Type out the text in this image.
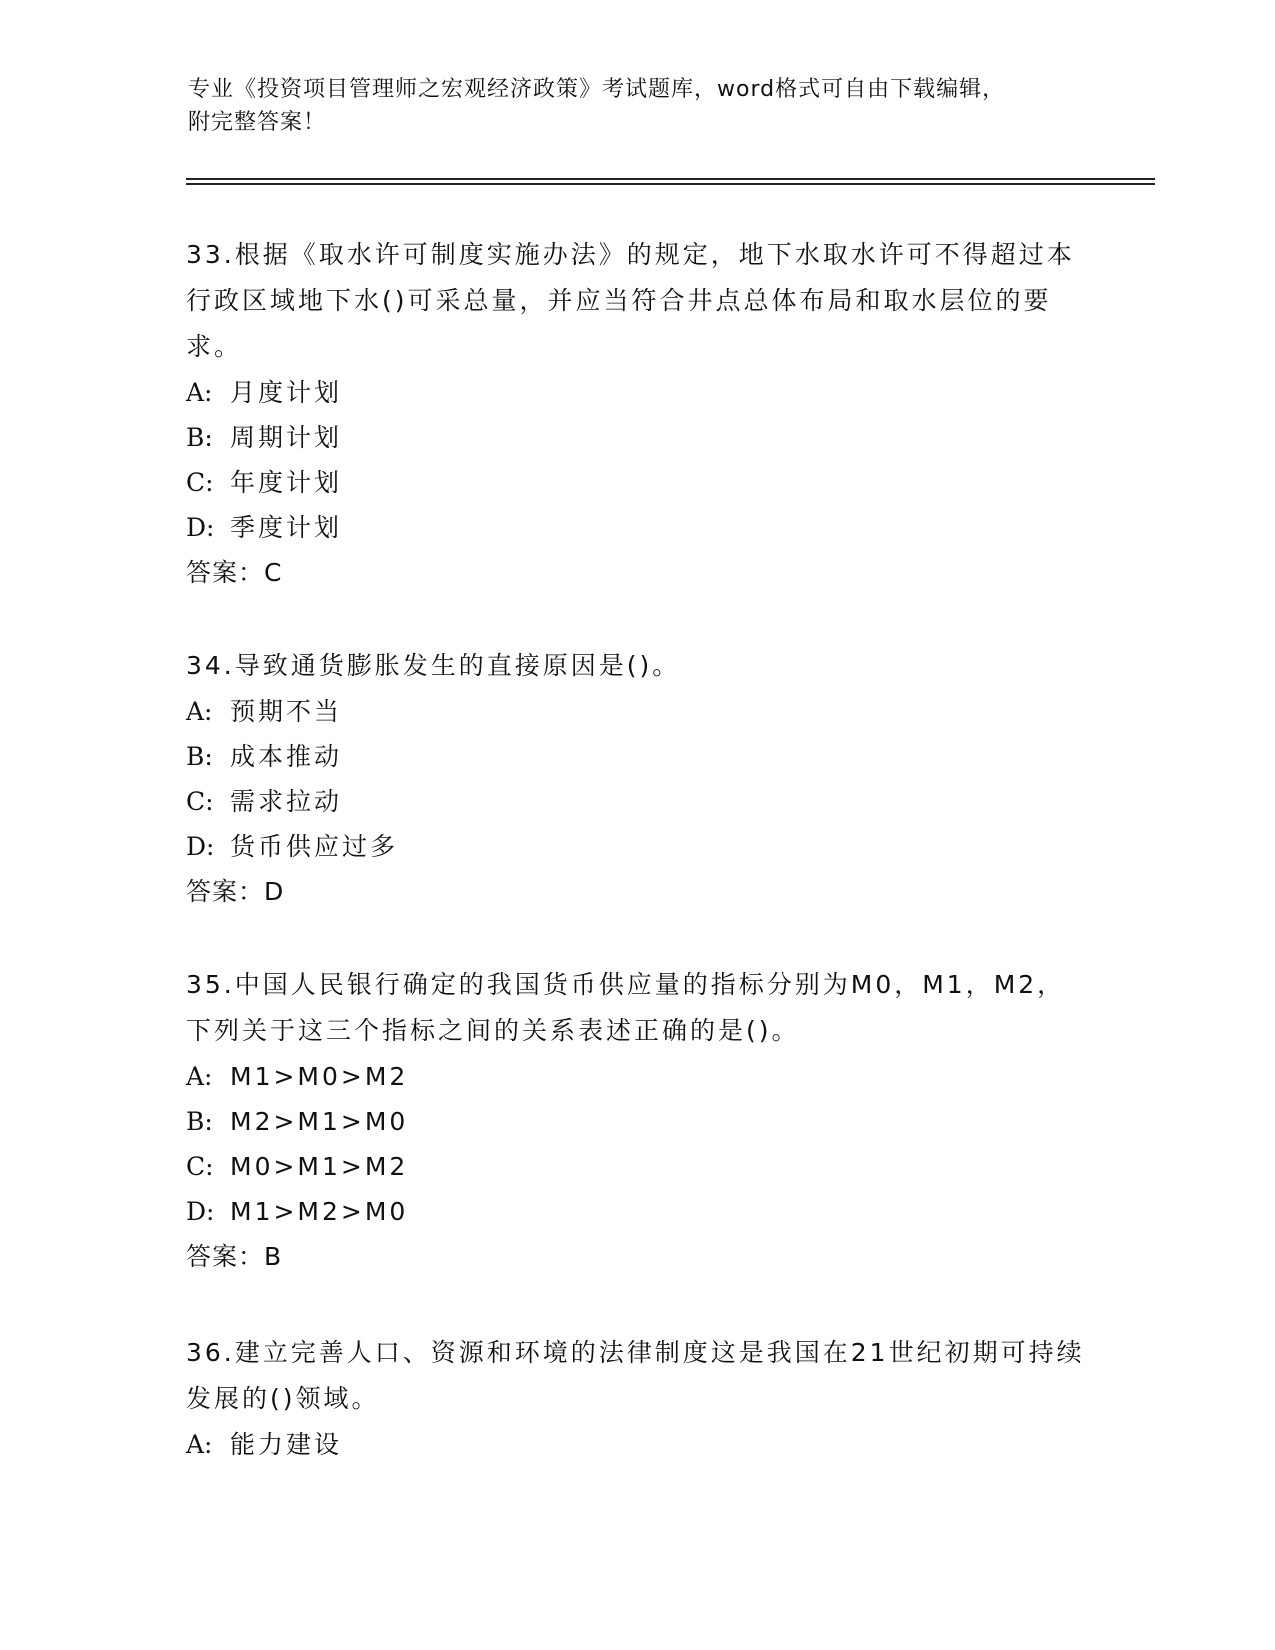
专业《投资项目管理师之宏观经济政策》考试题库，word格式可自由下载编辑，
附完整答案！

33.根据《取水许可制度实施办法》的规定，地下水取水许可不得超过本行政区域地下水()可采总量，并应当符合井点总体布局和取水层位的要求。

A: 月度计划
B: 周期计划
C: 年度计划
D: 季度计划
答案：C

34.导致通货膨胀发生的直接原因是()。

A: 预期不当
B: 成本推动
C: 需求拉动
D: 货币供应过多
答案：D

35.中国人民银行确定的我国货币供应量的指标分别为M0，M1，M2，下列关于这三个指标之间的关系表述正确的是()。

A: M1>M0>M2
B: M2>M1>M0
C: M0>M1>M2
D: M1>M2>M0
答案：B

36.建立完善人口、资源和环境的法律制度这是我国在21世纪初期可持续发展的()领域。

A: 能力建设
